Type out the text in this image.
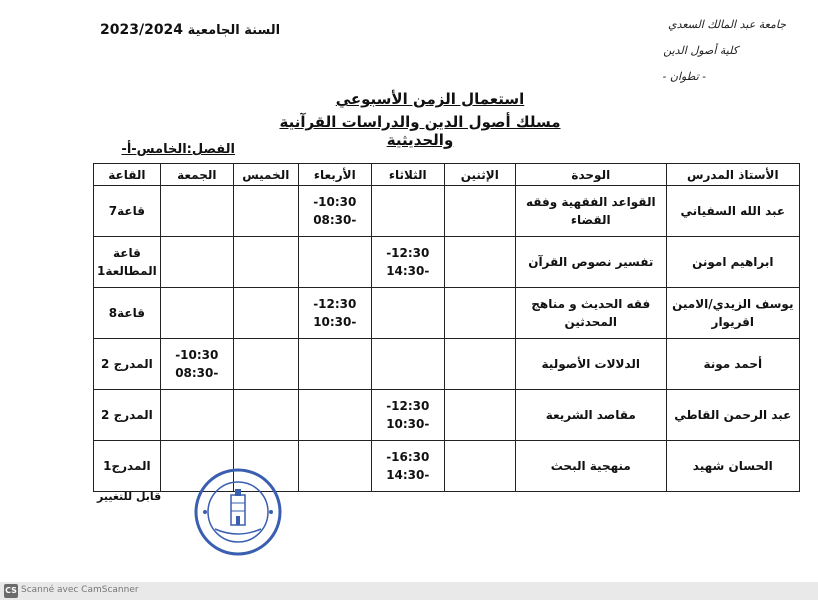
السنة الجامعية 2023/2024	جامعة عبد المالك السعدي
كلية أصول الدين
- تطوان -
استعمال الزمن الأسبوعي
مسلك أصول الدين والدراسات القرآنية والحديثية
الفصل:الخامس-أ-
الأستاذ المدرس	الوحدة	الإثنين	الثلاثاء	الأربعاء	الخميس	الجمعة	القاعة

عبد الله السفياني	القواعد الفقهية وفقه القضاء			10:30--08:30			قاعة7

ابراهيم امونن	تفسير نصوص القرآن		12:30--14:30				قاعة المطالعة1

يوسف الزيدي/الامين اقريوار	فقه الحديث و مناهج المحدثين			12:30--10:30			قاعة8

أحمد مونة	الدلالات الأصولية					10:30--08:30	المدرج 2

عبد الرحمن القاطي	مقاصد الشريعة		12:30--10:30				المدرج 2

الحسان شهيد	منهجية البحث		16:30--14:30				المدرج1
قابل للتغيير
CS Scanné avec CamScanner
